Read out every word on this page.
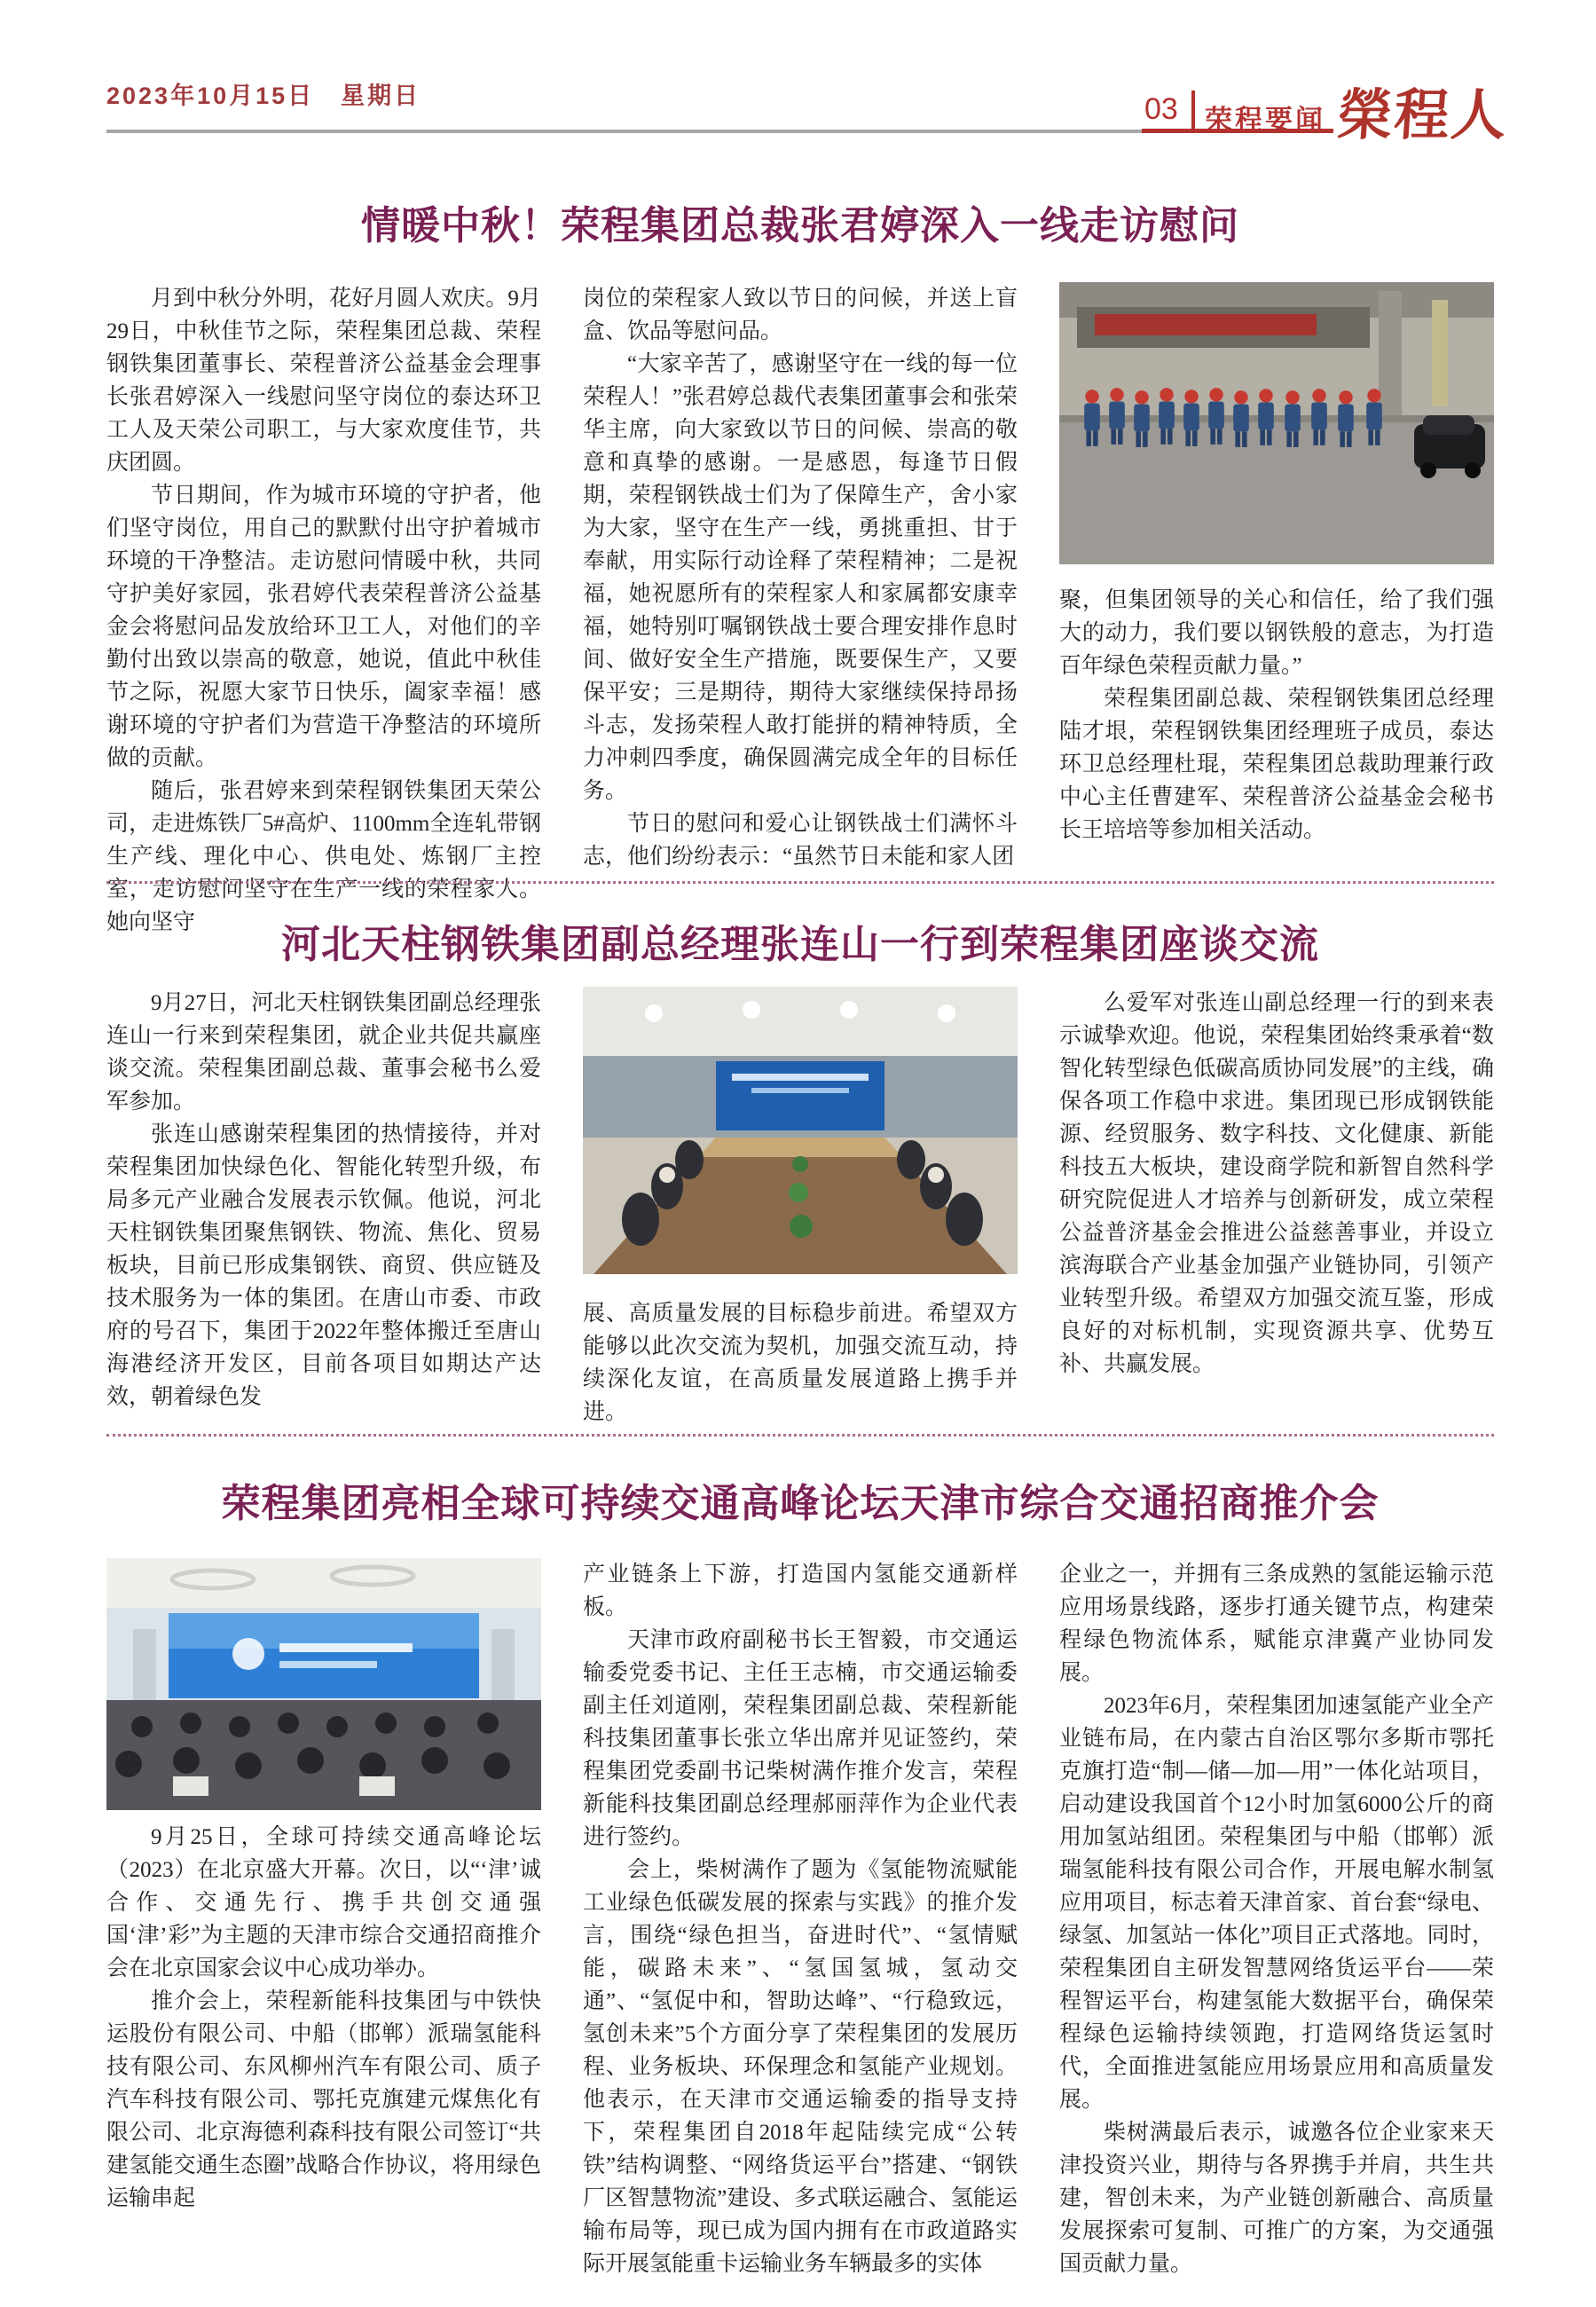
2023年10月15日　星期日	03 荣程要闻 榮程人
情暖中秋！荣程集团总裁张君婷深入一线走访慰问

月到中秋分外明，花好月圆人欢庆。9月29日，中秋佳节之际，荣程集团总裁、荣程钢铁集团董事长、荣程普济公益基金会理事长张君婷深入一线慰问坚守岗位的泰达环卫工人及天荣公司职工，与大家欢度佳节，共庆团圆。

节日期间，作为城市环境的守护者，他们坚守岗位，用自己的默默付出守护着城市环境的干净整洁。走访慰问情暖中秋，共同守护美好家园，张君婷代表荣程普济公益基金会将慰问品发放给环卫工人，对他们的辛勤付出致以崇高的敬意，她说，值此中秋佳节之际，祝愿大家节日快乐，阖家幸福！感谢环境的守护者们为营造干净整洁的环境所做的贡献。

随后，张君婷来到荣程钢铁集团天荣公司，走进炼铁厂5#高炉、1100mm全连轧带钢生产线、理化中心、供电处、炼钢厂主控室，走访慰问坚守在生产一线的荣程家人。她向坚守

岗位的荣程家人致以节日的问候，并送上盲盒、饮品等慰问品。

“大家辛苦了，感谢坚守在一线的每一位荣程人！”张君婷总裁代表集团董事会和张荣华主席，向大家致以节日的问候、崇高的敬意和真挚的感谢。一是感恩，每逢节日假期，荣程钢铁战士们为了保障生产，舍小家为大家，坚守在生产一线，勇挑重担、甘于奉献，用实际行动诠释了荣程精神；二是祝福，她祝愿所有的荣程家人和家属都安康幸福，她特别叮嘱钢铁战士要合理安排作息时间、做好安全生产措施，既要保生产，又要保平安；三是期待，期待大家继续保持昂扬斗志，发扬荣程人敢打能拼的精神特质，全力冲刺四季度，确保圆满完成全年的目标任务。

节日的慰问和爱心让钢铁战士们满怀斗志，他们纷纷表示：“虽然节日未能和家人团

聚，但集团领导的关心和信任，给了我们强大的动力，我们要以钢铁般的意志，为打造百年绿色荣程贡献力量。”

荣程集团副总裁、荣程钢铁集团总经理陆才垠，荣程钢铁集团经理班子成员，泰达环卫总经理杜琨，荣程集团总裁助理兼行政中心主任曹建军、荣程普济公益基金会秘书长王培培等参加相关活动。

河北天柱钢铁集团副总经理张连山一行到荣程集团座谈交流

9月27日，河北天柱钢铁集团副总经理张连山一行来到荣程集团，就企业共促共赢座谈交流。荣程集团副总裁、董事会秘书么爱军参加。

张连山感谢荣程集团的热情接待，并对荣程集团加快绿色化、智能化转型升级，布局多元产业融合发展表示钦佩。他说，河北天柱钢铁集团聚焦钢铁、物流、焦化、贸易板块，目前已形成集钢铁、商贸、供应链及技术服务为一体的集团。在唐山市委、市政府的号召下，集团于2022年整体搬迁至唐山海港经济开发区，目前各项目如期达产达效，朝着绿色发

展、高质量发展的目标稳步前进。希望双方能够以此次交流为契机，加强交流互动，持续深化友谊，在高质量发展道路上携手并进。

么爱军对张连山副总经理一行的到来表示诚挚欢迎。他说，荣程集团始终秉承着“数智化转型绿色低碳高质协同发展”的主线，确保各项工作稳中求进。集团现已形成钢铁能源、经贸服务、数字科技、文化健康、新能科技五大板块，建设商学院和新智自然科学研究院促进人才培养与创新研发，成立荣程公益普济基金会推进公益慈善事业，并设立滨海联合产业基金加强产业链协同，引领产业转型升级。希望双方加强交流互鉴，形成良好的对标机制，实现资源共享、优势互补、共赢发展。

荣程集团亮相全球可持续交通高峰论坛天津市综合交通招商推介会

9月25日，全球可持续交通高峰论坛（2023）在北京盛大开幕。次日，以“‘津’诚合作、交通先行、携手共创交通强国‘津’彩”为主题的天津市综合交通招商推介会在北京国家会议中心成功举办。

推介会上，荣程新能科技集团与中铁快运股份有限公司、中船（邯郸）派瑞氢能科技有限公司、东风柳州汽车有限公司、质子汽车科技有限公司、鄂托克旗建元煤焦化有限公司、北京海德利森科技有限公司签订“共建氢能交通生态圈”战略合作协议，将用绿色运输串起

产业链条上下游，打造国内氢能交通新样板。

天津市政府副秘书长王智毅，市交通运输委党委书记、主任王志楠，市交通运输委副主任刘道刚，荣程集团副总裁、荣程新能科技集团董事长张立华出席并见证签约，荣程集团党委副书记柴树满作推介发言，荣程新能科技集团副总经理郝丽萍作为企业代表进行签约。

会上，柴树满作了题为《氢能物流赋能工业绿色低碳发展的探索与实践》的推介发言，围绕“绿色担当，奋进时代”、“氢情赋能，碳路未来”、“氢国氢城，氢动交通”、“氢促中和，智助达峰”、“行稳致远，氢创未来”5个方面分享了荣程集团的发展历程、业务板块、环保理念和氢能产业规划。他表示，在天津市交通运输委的指导支持下，荣程集团自2018年起陆续完成“公转铁”结构调整、“网络货运平台”搭建、“钢铁厂区智慧物流”建设、多式联运融合、氢能运输布局等，现已成为国内拥有在市政道路实际开展氢能重卡运输业务车辆最多的实体

企业之一，并拥有三条成熟的氢能运输示范应用场景线路，逐步打通关键节点，构建荣程绿色物流体系，赋能京津冀产业协同发展。

2023年6月，荣程集团加速氢能产业全产业链布局，在内蒙古自治区鄂尔多斯市鄂托克旗打造“制—储—加—用”一体化站项目，启动建设我国首个12小时加氢6000公斤的商用加氢站组团。荣程集团与中船（邯郸）派瑞氢能科技有限公司合作，开展电解水制氢应用项目，标志着天津首家、首台套“绿电、绿氢、加氢站一体化”项目正式落地。同时，荣程集团自主研发智慧网络货运平台——荣程智运平台，构建氢能大数据平台，确保荣程绿色运输持续领跑，打造网络货运氢时代，全面推进氢能应用场景应用和高质量发展。

柴树满最后表示，诚邀各位企业家来天津投资兴业，期待与各界携手并肩，共生共建，智创未来，为产业链创新融合、高质量发展探索可复制、可推广的方案，为交通强国贡献力量。
